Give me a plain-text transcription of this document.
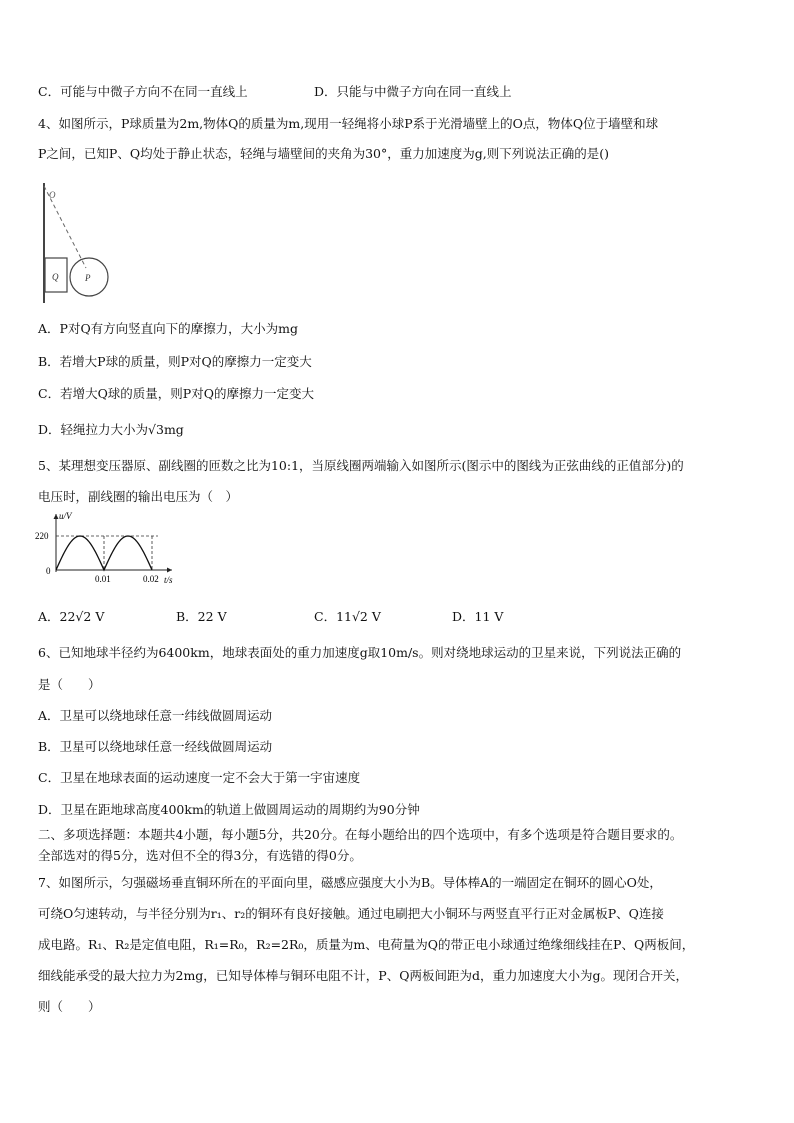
C．可能与中微子方向不在同一直线上	D．只能与中微子方向在同一直线上
4、如图所示，P球质量为2m,物体Q的质量为m,现用一轻绳将小球P系于光滑墙壁上的O点，物体Q位于墙壁和球
P之间，已知P、Q均处于静止状态，轻绳与墙壁间的夹角为30°，重力加速度为g,则下列说法正确的是()
O
Q	P
A．P对Q有方向竖直向下的摩擦力，大小为mg
B．若增大P球的质量，则P对Q的摩擦力一定变大
C．若增大Q球的质量，则P对Q的摩擦力一定变大
D．轻绳拉力大小为√3mg
5、某理想变压器原、副线圈的匝数之比为10:1，当原线圈两端输入如图所示(图示中的图线为正弦曲线的正值部分)的
电压时，副线圈的输出电压为（　）
u/V
t/s
220
0
0.01	0.02
A．22√2 V	B．22 V	C．11√2 V	D．11 V
6、已知地球半径约为6400km，地球表面处的重力加速度g取10m/s。则对绕地球运动的卫星来说，下列说法正确的
是（　　）
A．卫星可以绕地球任意一纬线做圆周运动
B．卫星可以绕地球任意一经线做圆周运动
C．卫星在地球表面的运动速度一定不会大于第一宇宙速度
D．卫星在距地球高度400km的轨道上做圆周运动的周期约为90分钟
二、多项选择题：本题共4小题，每小题5分，共20分。在每小题给出的四个选项中，有多个选项是符合题目要求的。
全部选对的得5分，选对但不全的得3分，有选错的得0分。
7、如图所示，匀强磁场垂直铜环所在的平面向里，磁感应强度大小为B。导体棒A的一端固定在铜环的圆心O处，
可绕O匀速转动，与半径分别为r₁、r₂的铜环有良好接触。通过电刷把大小铜环与两竖直平行正对金属板P、Q连接
成电路。R₁、R₂是定值电阻，R₁=R₀，R₂=2R₀，质量为m、电荷量为Q的带正电小球通过绝缘细线挂在P、Q两板间，
细线能承受的最大拉力为2mg，已知导体棒与铜环电阻不计，P、Q两板间距为d，重力加速度大小为g。现闭合开关，
则（　　）
